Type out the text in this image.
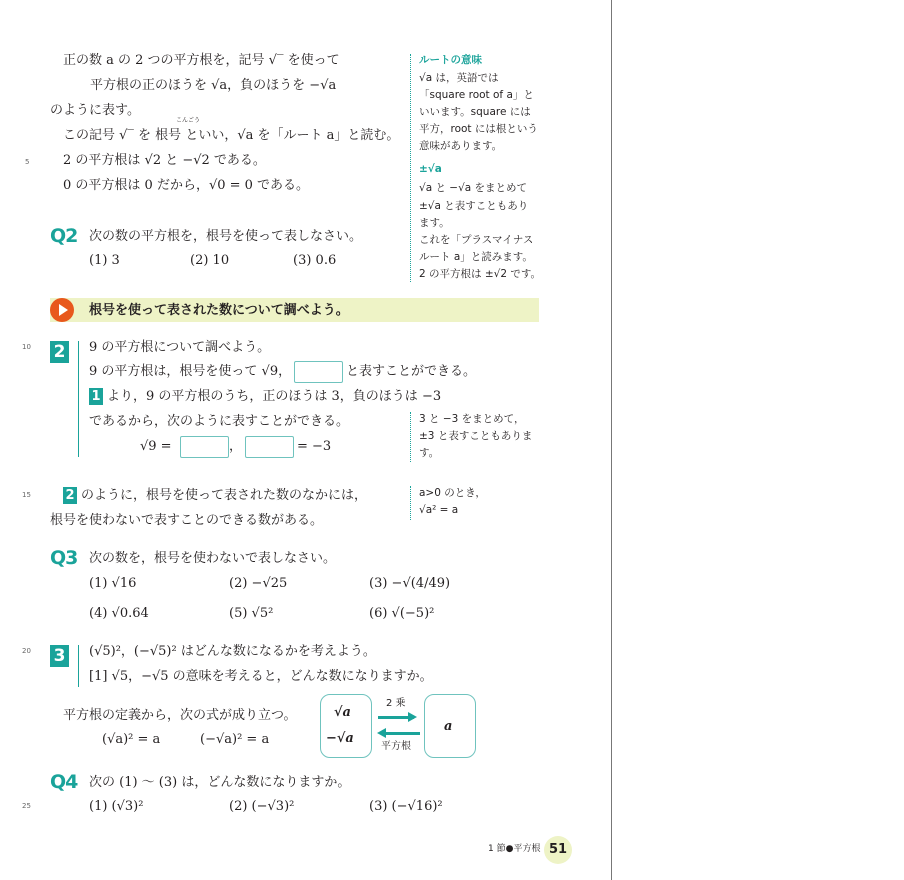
5
10
15
20
25
正の数 a の 2 つの平方根を，記号 √‾ を使って
平方根の正のほうを √a，負のほうを −√a
のように表す。
こんごう
この記号 √‾ を 根号 といい，√a を「ルート a」と読む。
2 の平方根は √2 と −√2 である。
0 の平方根は 0 だから，√0 = 0 である。
ルートの意味
√a は，英語では
「square root of a」と
いいます。square には
平方，root には根という
意味があります。
±√a
√a と −√a をまとめて
±√a と表すこともあり
ます。
これを「プラスマイナス
ルート a」と読みます。
2 の平方根は ±√2 です。
Q2 次の数の平方根を，根号を使って表しなさい。
(1) 3	(2) 10	(3) 0.6
根号を使って表された数について調べよう。
2 9 の平方根について調べよう。
9 の平方根は，根号を使って √9，	と表すことができる。
1 より，9 の平方根のうち，正のほうは 3，負のほうは −3
であるから，次のように表すことができる。
√9 =	，	= −3
3 と −3 をまとめて，
±3 と表すこともありま
す。
2 のように，根号を使って表された数のなかには，
根号を使わないで表すことのできる数がある。
a>0 のとき，
√a² = a
Q3 次の数を，根号を使わないで表しなさい。
(1) √16	(2) −√25	(3) −√(4/49)
(4) √0.64	(5) √5²	(6) √(−5)²
3 (√5)²，(−√5)² はどんな数になるかを考えよう。
[1] √5，−√5 の意味を考えると，どんな数になりますか。
平方根の定義から，次の式が成り立つ。
(√a)² = a	(−√a)² = a
√a
−√a
2 乗
平方根
a
Q4 次の (1) ～ (3) は，どんな数になりますか。
(1) (√3)²	(2) (−√3)²	(3) (−√16)²
1 節●平方根 51
